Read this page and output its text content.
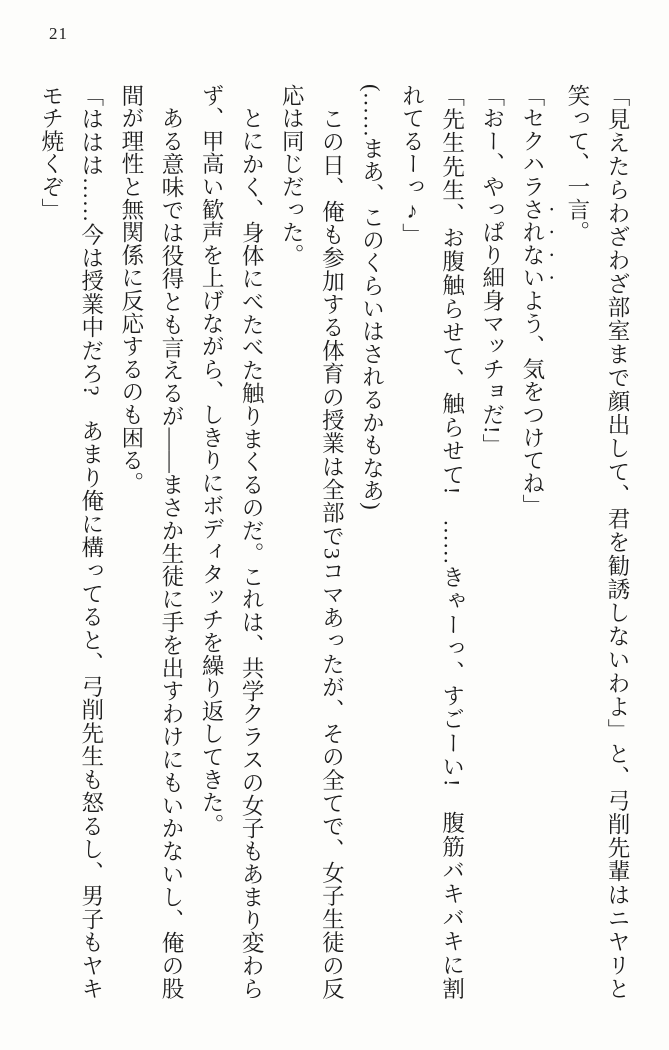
21
「見えたらわざわざ部室まで顔出して、君を勧誘しないわよ」と、弓削先輩はニヤリと
笑って、一言。
「セクハラされないよう、気をつけてね」
「おー、やっぱり細身マッチョだ!」
「先生先生、お腹触らせて、触らせて!　……きゃーっ、すごーい!　腹筋バキバキに割
れてるーっ♪」
(……まあ、このくらいはされるかもなあ)
　この日、俺も参加する体育の授業は全部で3コマあったが、その全てで、女子生徒の反
応は同じだった。
　とにかく、身体にべたべた触りまくるのだ。これは、共学クラスの女子もあまり変わら
ず、甲高い歓声を上げながら、しきりにボディタッチを繰り返してきた。
　ある意味では役得とも言えるが――まさか生徒に手を出すわけにもいかないし、俺の股
間が理性と無関係に反応するのも困る。
「ははは……今は授業中だろ?　あまり俺に構ってると、弓削先生も怒るし、男子もヤキ
モチ焼くぞ」
